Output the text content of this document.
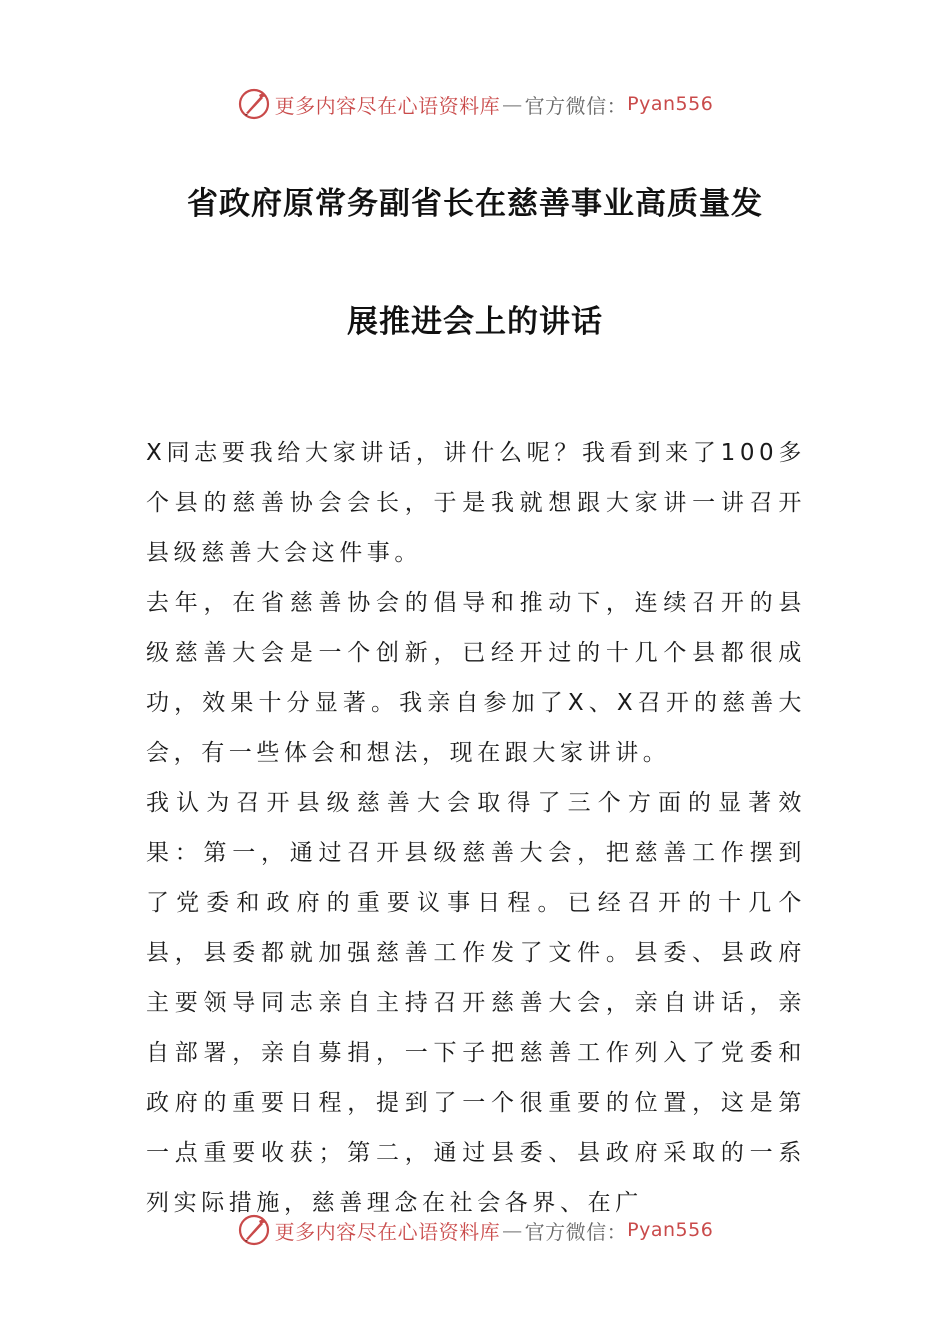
更多内容尽在心语资料库 — 官方微信： Pyan556
省政府原常务副省长在慈善事业高质量发
展推进会上的讲话

X同志要我给大家讲话，讲什么呢？我看到来了100多个县的慈善协会会长，于是我就想跟大家讲一讲召开县级慈善大会这件事。

去年，在省慈善协会的倡导和推动下，连续召开的县级慈善大会是一个创新，已经开过的十几个县都很成功，效果十分显著。我亲自参加了X、X召开的慈善大会，有一些体会和想法，现在跟大家讲讲。

我认为召开县级慈善大会取得了三个方面的显著效果：第一，通过召开县级慈善大会，把慈善工作摆到了党委和政府的重要议事日程。已经召开的十几个县，县委都就加强慈善工作发了文件。县委、县政府主要领导同志亲自主持召开慈善大会，亲自讲话，亲自部署，亲自募捐，一下子把慈善工作列入了党委和政府的重要日程，提到了一个很重要的位置，这是第一点重要收获；第二，通过县委、县政府采取的一系列实际措施，慈善理念在社会各界、在广

更多内容尽在心语资料库 — 官方微信： Pyan556
